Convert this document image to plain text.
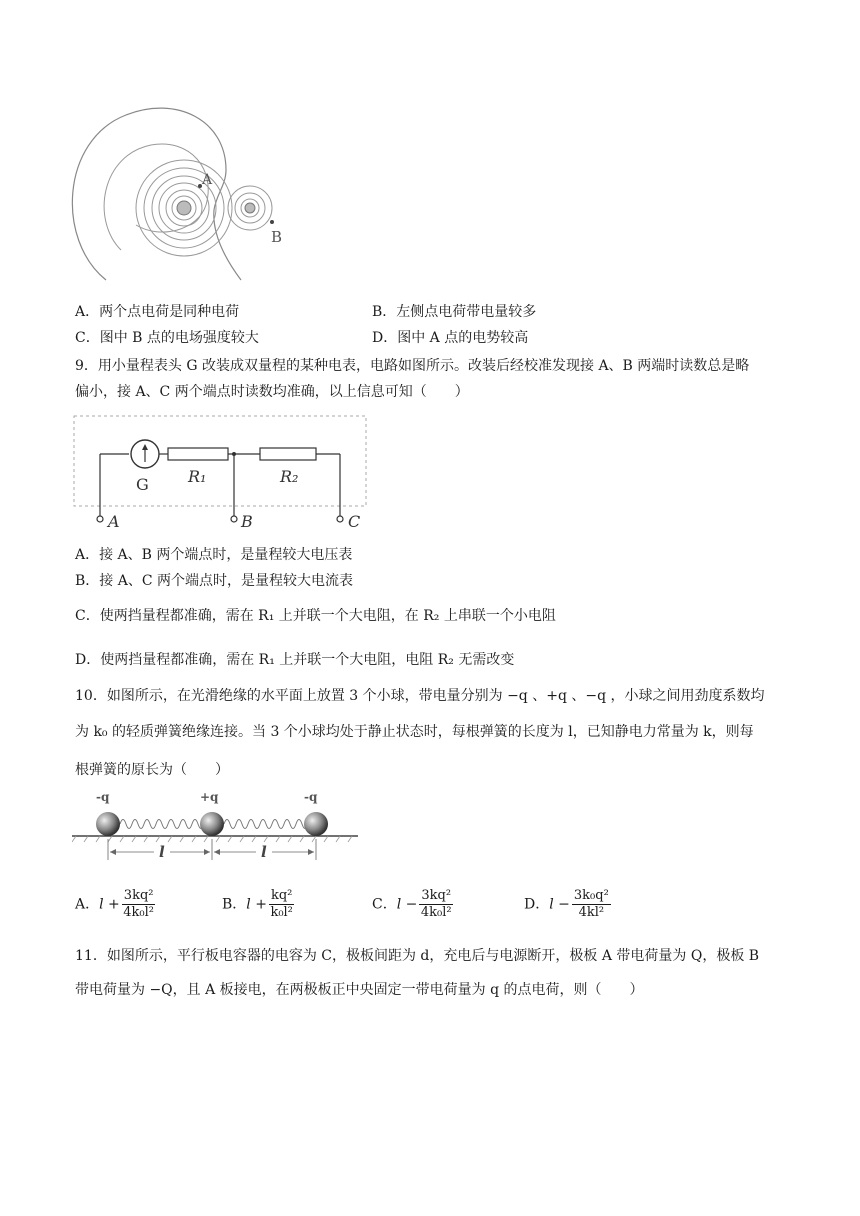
A
B
A．两个点电荷是同种电荷	B．左侧点电荷带电量较多
C．图中 B 点的电场强度较大	D．图中 A 点的电势较高
9．用小量程表头 G 改装成双量程的某种电表，电路如图所示。改装后经校准发现接 A、B 两端时读数总是略
偏小，接 A、C 两个端点时读数均准确，以上信息可知（　　）
G R₁	R₂
A	B	C
A．接 A、B 两个端点时，是量程较大电压表
B．接 A、C 两个端点时，是量程较大电流表
C．使两挡量程都准确，需在 R₁ 上并联一个大电阻，在 R₂ 上串联一个小电阻
D．使两挡量程都准确，需在 R₁ 上并联一个大电阻，电阻 R₂ 无需改变
10．如图所示，在光滑绝缘的水平面上放置 3 个小球，带电量分别为 −q 、+q 、−q ，小球之间用劲度系数均
为 k₀ 的轻质弹簧绝缘连接。当 3 个小球均处于静止状态时，每根弹簧的长度为 l，已知静电力常量为 k，则每
根弹簧的原长为（　　）
-q	+q	-q
l	l
A．$l + \frac{\text{3kq²}}{\text{4k₀l²}}$	B．$l + \frac{\text{kq²}}{\text{k₀l²}}$	C．$l - \frac{\text{3kq²}}{\text{4k₀l²}}$	D．$l - \frac{\text{3k₀q²}}{\text{4kl²}}$
11．如图所示，平行板电容器的电容为 C，极板间距为 d，充电后与电源断开，极板 A 带电荷量为 Q，极板 B
带电荷量为 −Q，且 A 板接电，在两极板正中央固定一带电荷量为 q 的点电荷，则（　　）
